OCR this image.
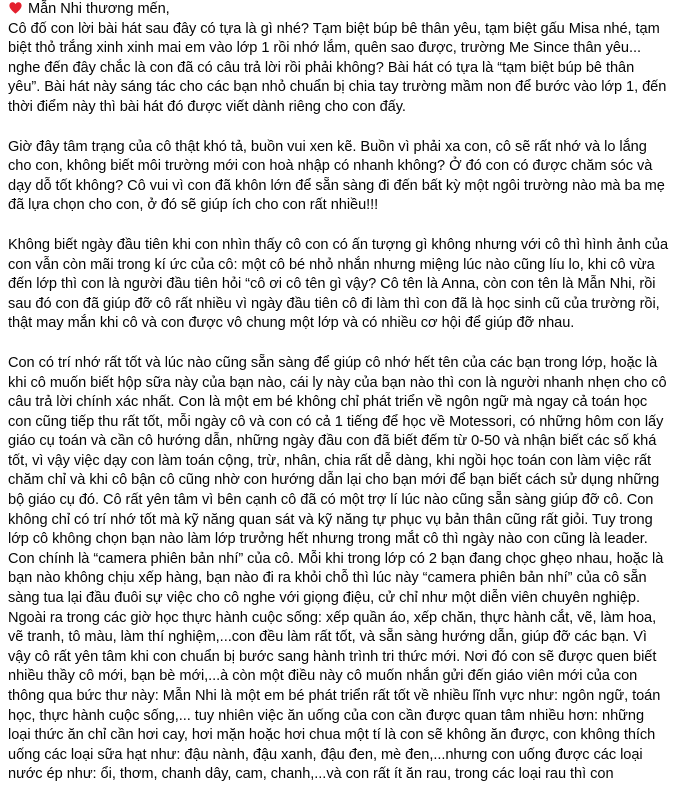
Mẫn Nhi thương mến,

Cô đố con lời bài hát sau đây có tựa là gì nhé? Tạm biệt búp bê thân yêu, tạm biệt gấu Misa nhé, tạm biệt thỏ trắng xinh xinh mai em vào lớp 1 rồi nhớ lắm, quên sao được, trường Me Since thân yêu... nghe đến đây chắc là con đã có câu trả lời rồi phải không? Bài hát có tựa là “tạm biệt búp bê thân yêu”. Bài hát này sáng tác cho các bạn nhỏ chuẩn bị chia tay trường mầm non để bước vào lớp 1, đến thời điểm này thì bài hát đó được viết dành riêng cho con đấy.

Giờ đây tâm trạng của cô thật khó tả, buồn vui xen kẽ. Buồn vì phải xa con, cô sẽ rất nhớ và lo lắng cho con, không biết môi trường mới con hoà nhập có nhanh không? Ở đó con có được chăm sóc và dạy dỗ tốt không? Cô vui vì con đã khôn lớn để sẵn sàng đi đến bất kỳ một ngôi trường nào mà ba mẹ đã lựa chọn cho con, ở đó sẽ giúp ích cho con rất nhiều!!!

Không biết ngày đầu tiên khi con nhìn thấy cô con có ấn tượng gì không nhưng với cô thì hình ảnh của con vẫn còn mãi trong kí ức của cô: một cô bé nhỏ nhắn nhưng miệng lúc nào cũng líu lo, khi cô vừa đến lớp thì con là người đầu tiên hỏi “cô ơi cô tên gì vậy? Cô tên là Anna, còn con tên là Mẫn Nhi, rồi sau đó con đã giúp đỡ cô rất nhiều vì ngày đầu tiên cô đi làm thì con đã là học sinh cũ của trường rồi, thật may mắn khi cô và con được vô chung một lớp và có nhiều cơ hội để giúp đỡ nhau.

Con có trí nhớ rất tốt và lúc nào cũng sẵn sàng để giúp cô nhớ hết tên của các bạn trong lớp, hoặc là khi cô muốn biết hộp sữa này của bạn nào, cái ly này của bạn nào thì con là người nhanh nhẹn cho cô câu trả lời chính xác nhất. Con là một em bé không chỉ phát triển về ngôn ngữ mà ngay cả toán học con cũng tiếp thu rất tốt, mỗi ngày cô và con có cả 1 tiếng để học về Motessori, có những hôm con lấy giáo cụ toán và cần cô hướng dẫn, những ngày đầu con đã biết đếm từ 0-50 và nhận biết các số khá tốt, vì vậy việc dạy con làm toán cộng, trừ, nhân, chia rất dễ dàng, khi ngồi học toán con làm việc rất chăm chỉ và khi cô bận cô cũng nhờ con hướng dẫn lại cho bạn mới để bạn biết cách sử dụng những bộ giáo cụ đó. Cô rất yên tâm vì bên cạnh cô đã có một trợ lí lúc nào cũng sẵn sàng giúp đỡ cô. Con không chỉ có trí nhớ tốt mà kỹ năng quan sát và kỹ năng tự phục vụ bản thân cũng rất giỏi. Tuy trong lớp cô không chọn bạn nào làm lớp trưởng hết nhưng trong mắt cô thì ngày nào con cũng là leader. Con chính là “camera phiên bản nhí” của cô. Mỗi khi trong lớp có 2 bạn đang chọc ghẹo nhau, hoặc là bạn nào không chịu xếp hàng, bạn nào đi ra khỏi chỗ thì lúc này “camera phiên bản nhí” của cô sẵn sàng tua lại đầu đuôi sự việc cho cô nghe với giọng điệu, cử chỉ như một diễn viên chuyên nghiệp. Ngoài ra trong các giờ học thực hành cuộc sống: xếp quần áo, xếp chăn, thực hành cắt, vẽ, làm hoa, vẽ tranh, tô màu, làm thí nghiệm,...con đều làm rất tốt, và sẵn sàng hướng dẫn, giúp đỡ các bạn. Vì vậy cô rất yên tâm khi con chuẩn bị bước sang hành trình tri thức mới. Nơi đó con sẽ được quen biết nhiều thầy cô mới, bạn bè mới,...à còn một điều này cô muốn nhắn gửi đến giáo viên mới của con thông qua bức thư này: Mẫn Nhi là một em bé phát triển rất tốt về nhiều lĩnh vực như: ngôn ngữ, toán học, thực hành cuộc sống,... tuy nhiên việc ăn uống của con cần được quan tâm nhiều hơn: những loại thức ăn chỉ cần hơi cay, hơi mặn hoặc hơi chua một tí là con sẽ không ăn được, con không thích uống các loại sữa hạt như: đậu nành, đậu xanh, đậu đen, mè đen,...nhưng con uống được các loại nước ép như: ổi, thơm, chanh dây, cam, chanh,...và con rất ít ăn rau, trong các loại rau thì con
